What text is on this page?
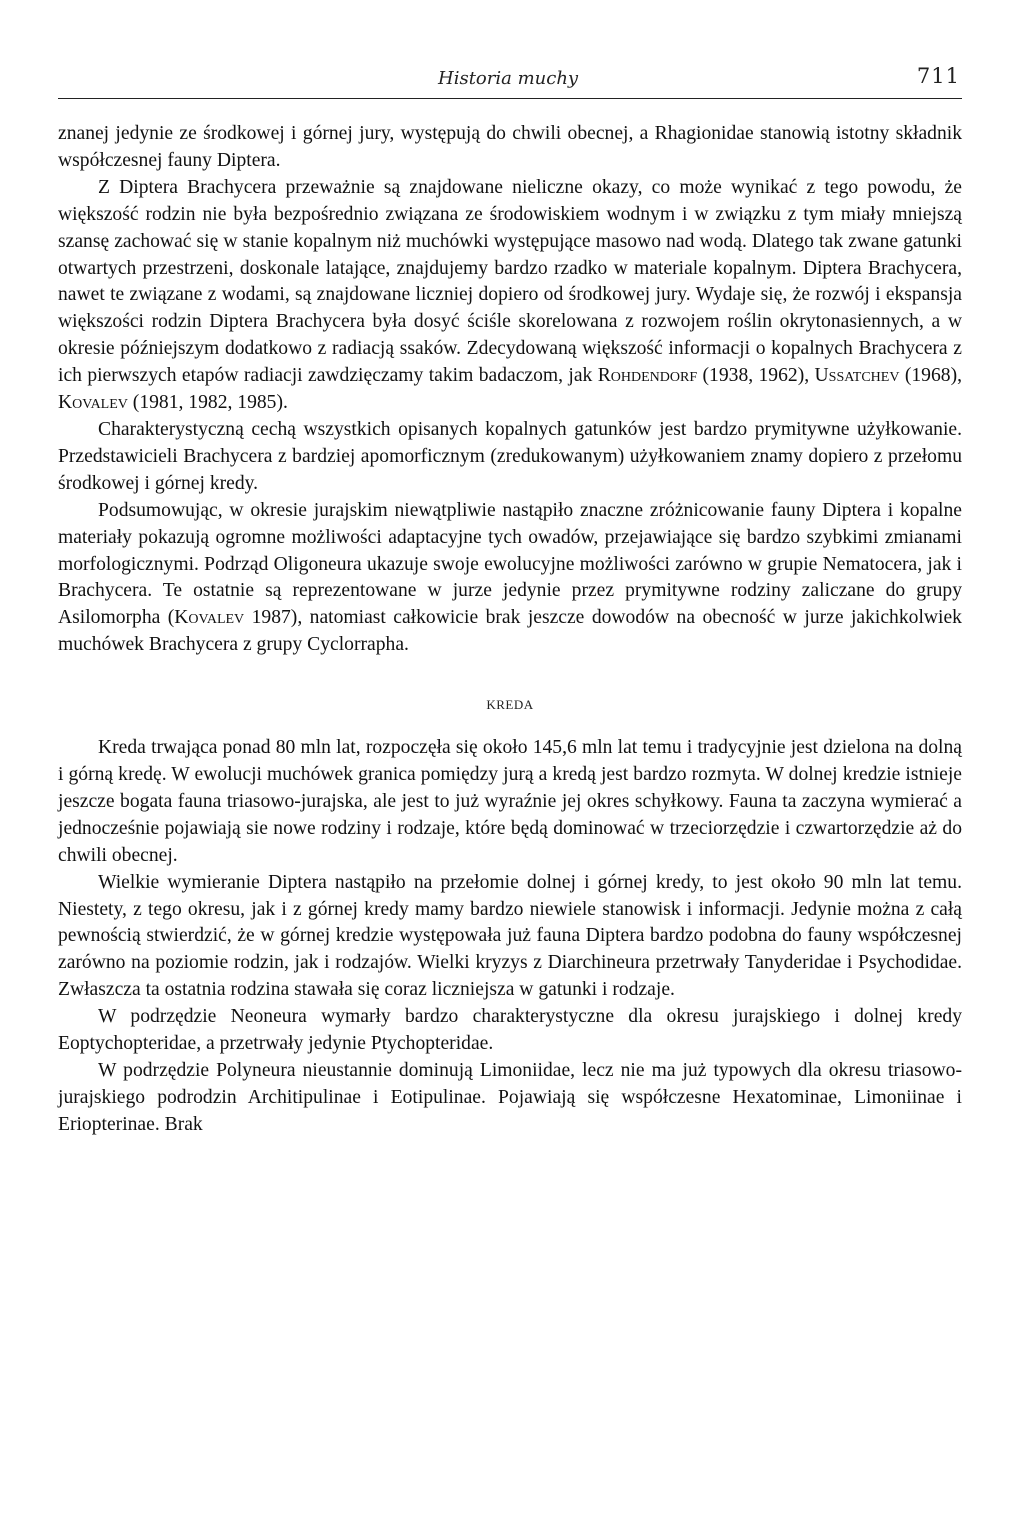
Historia muchy	711

znanej jedynie ze środkowej i górnej jury, występują do chwili obecnej, a Rhagionidae stanowią istotny składnik współczesnej fauny Diptera.

Z Diptera Brachycera przeważnie są znajdowane nieliczne okazy, co może wynikać z tego powodu, że większość rodzin nie była bezpośrednio związana ze środowiskiem wodnym i w związku z tym miały mniejszą szansę zachować się w stanie kopalnym niż muchówki występujące masowo nad wodą. Dlatego tak zwane gatunki otwartych przestrzeni, doskonale latające, znajdujemy bardzo rzadko w materiale kopalnym. Diptera Brachycera, nawet te związane z wodami, są znajdowane liczniej dopiero od środkowej jury. Wydaje się, że rozwój i ekspansja większości rodzin Diptera Brachycera była dosyć ściśle skorelowana z rozwojem roślin okrytonasiennych, a w okresie późniejszym dodatkowo z radiacją ssaków. Zdecydowaną większość informacji o kopalnych Brachycera z ich pierwszych etapów radiacji zawdzięczamy takim badaczom, jak Rohdendorf (1938, 1962), Ussatchev (1968), Kovalev (1981, 1982, 1985).

Charakterystyczną cechą wszystkich opisanych kopalnych gatunków jest bardzo prymitywne użyłkowanie. Przedstawicieli Brachycera z bardziej apomorficznym (zredukowanym) użyłkowaniem znamy dopiero z przełomu środkowej i górnej kredy.

Podsumowując, w okresie jurajskim niewątpliwie nastąpiło znaczne zróżnicowanie fauny Diptera i kopalne materiały pokazują ogromne możliwości adaptacyjne tych owadów, przejawiające się bardzo szybkimi zmianami morfologicznymi. Podrząd Oligoneura ukazuje swoje ewolucyjne możliwości zarówno w grupie Nematocera, jak i Brachycera. Te ostatnie są reprezentowane w jurze jedynie przez prymitywne rodziny zaliczane do grupy Asilomorpha (Kovalev 1987), natomiast całkowicie brak jeszcze dowodów na obecność w jurze jakichkolwiek muchówek Brachycera z grupy Cyclorrapha.

KREDA

Kreda trwająca ponad 80 mln lat, rozpoczęła się około 145,6 mln lat temu i tradycyjnie jest dzielona na dolną i górną kredę. W ewolucji muchówek granica pomiędzy jurą a kredą jest bardzo rozmyta. W dolnej kredzie istnieje jeszcze bogata fauna triasowo-jurajska, ale jest to już wyraźnie jej okres schyłkowy. Fauna ta zaczyna wymierać a jednocześnie pojawiają sie nowe rodziny i rodzaje, które będą dominować w trzeciorzędzie i czwartorzędzie aż do chwili obecnej.

Wielkie wymieranie Diptera nastąpiło na przełomie dolnej i górnej kredy, to jest około 90 mln lat temu. Niestety, z tego okresu, jak i z górnej kredy mamy bardzo niewiele stanowisk i informacji. Jedynie można z całą pewnością stwierdzić, że w górnej kredzie występowała już fauna Diptera bardzo podobna do fauny współczesnej zarówno na poziomie rodzin, jak i rodzajów. Wielki kryzys z Diarchineura przetrwały Tanyderidae i Psychodidae. Zwłaszcza ta ostatnia rodzina stawała się coraz liczniejsza w gatunki i rodzaje.

W podrzędzie Neoneura wymarły bardzo charakterystyczne dla okresu jurajskiego i dolnej kredy Eoptychopteridae, a przetrwały jedynie Ptychopteridae.

W podrzędzie Polyneura nieustannie dominują Limoniidae, lecz nie ma już typowych dla okresu triasowo-jurajskiego podrodzin Architipulinae i Eotipulinae. Pojawiają się współczesne Hexatominae, Limoniinae i Eriopterinae. Brak
